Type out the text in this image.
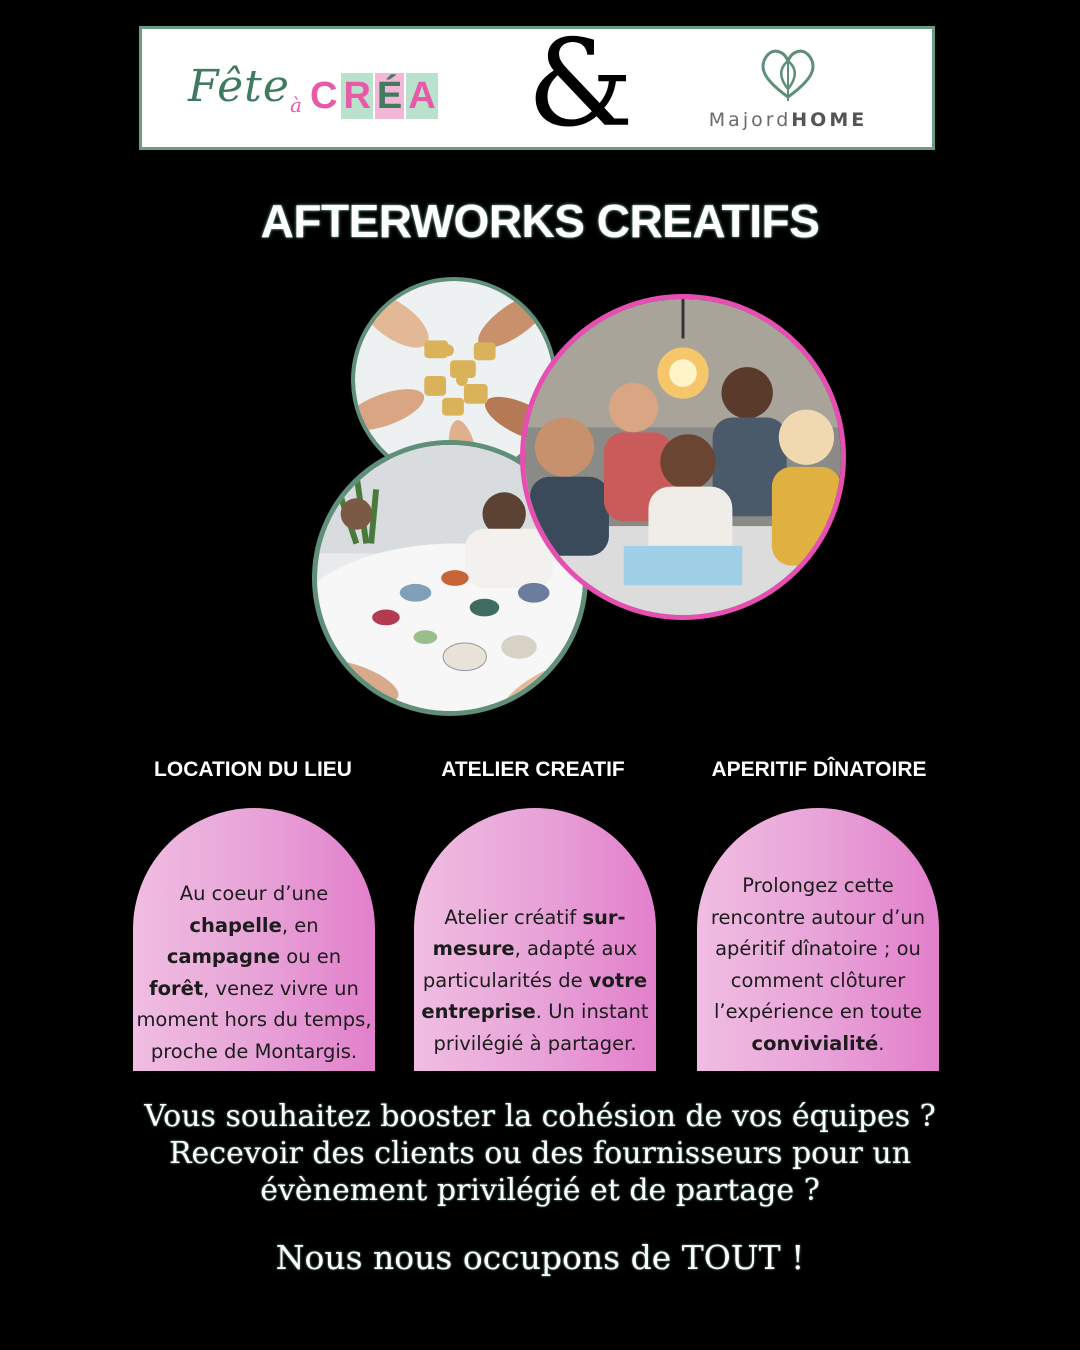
Fête à C R É A &	MajordHOME
AFTERWORKS CREATIFS
LOCATION DU LIEU	ATELIER CREATIF	APERITIF DÎNATOIRE
Au coeur d’une chapelle, en campagne ou en forêt, venez vivre un moment hors du temps, proche de Montargis.
Atelier créatif sur-mesure, adapté aux particularités de votre entreprise. Un instant privilégié à partager.
Prolongez cette rencontre autour d’un apéritif dînatoire ; ou comment clôturer l’expérience en toute convivialité.
Vous souhaitez booster la cohésion de vos équipes ?
Recevoir des clients ou des fournisseurs pour un
évènement privilégié et de partage ?
Nous nous occupons de TOUT !
